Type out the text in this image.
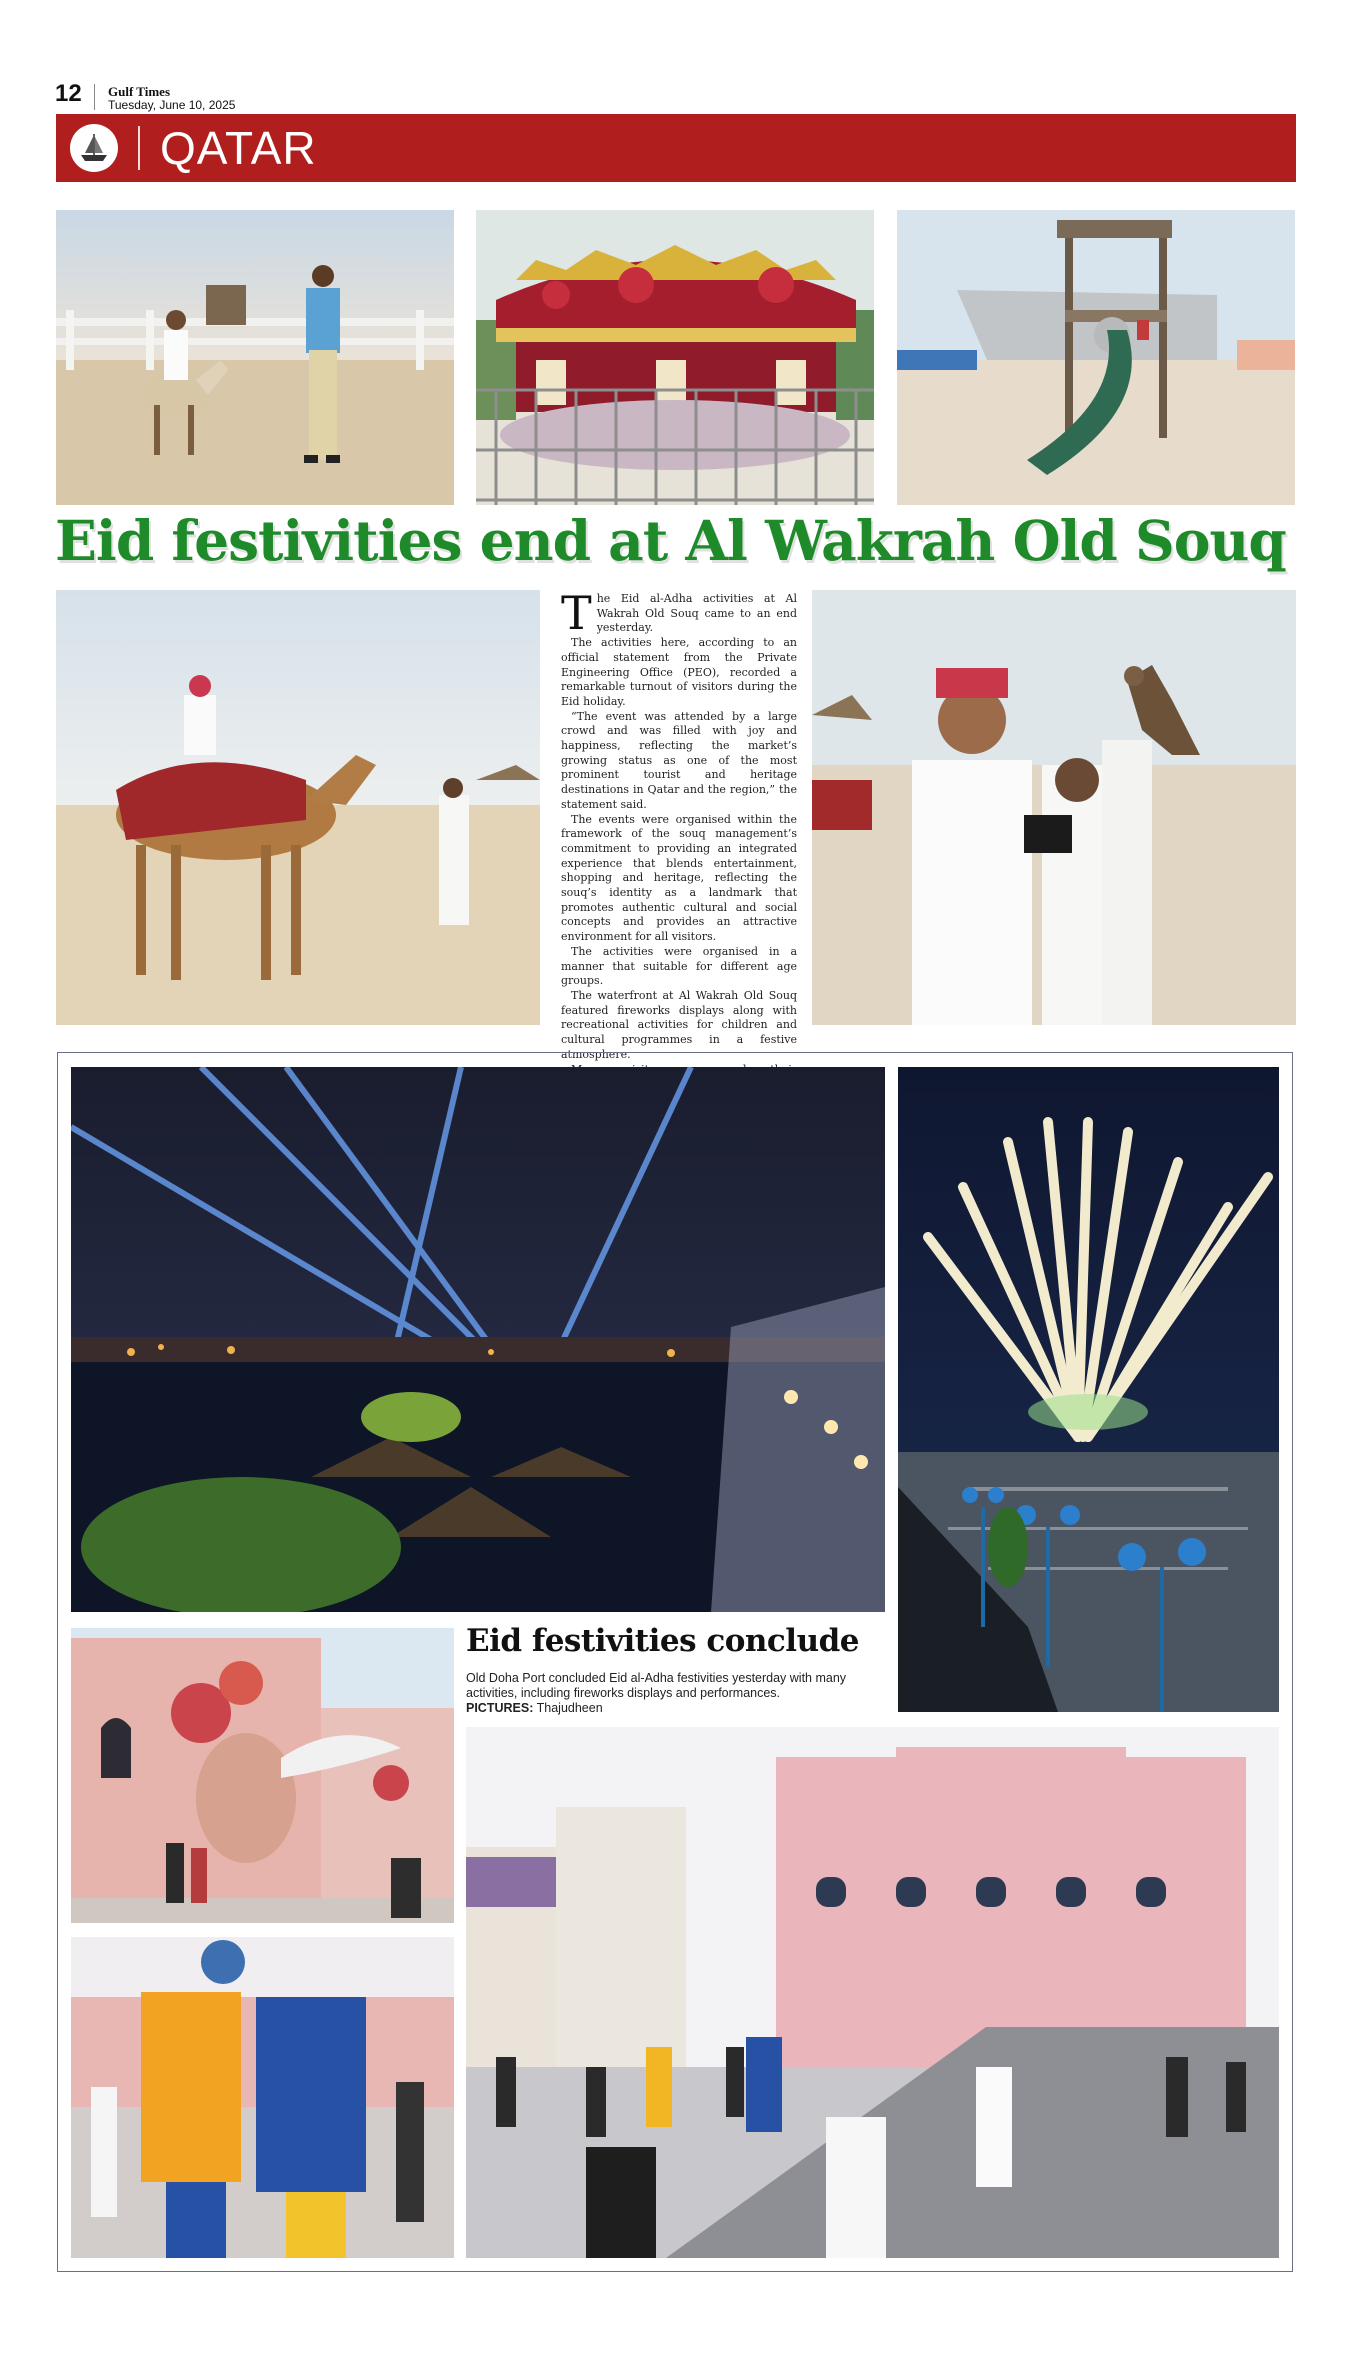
12 Gulf Times
Tuesday, June 10, 2025
QATAR
Eid festivities end at Al Wakrah Old Souq

The Eid al-Adha activities at Al Wakrah Old Souq came to an end yesterday.

The activities here, according to an official statement from the Private Engineering Office (PEO), recorded a remarkable turnout of visitors during the Eid holiday.

“The event was attended by a large crowd and was filled with joy and happiness, reflecting the market’s growing status as one of the most prominent tourist and heritage destinations in Qatar and the region,” the statement said.

The events were organised within the framework of the souq management’s commitment to providing an integrated experience that blends entertainment, shopping and heritage, reflecting the souq’s identity as a landmark that promotes authentic cultural and social concepts and provides an attractive environment for all visitors.

The activities were organised in a manner that suitable for different age groups.

The waterfront at Al Wakrah Old Souq featured fireworks displays along with recreational activities for children and cultural programmes in a festive atmosphere.

Eid festivities conclude
Old Doha Port concluded Eid al-Adha festivities yesterday with many activities, including fireworks displays and performances.
PICTURES: Thajudheen
